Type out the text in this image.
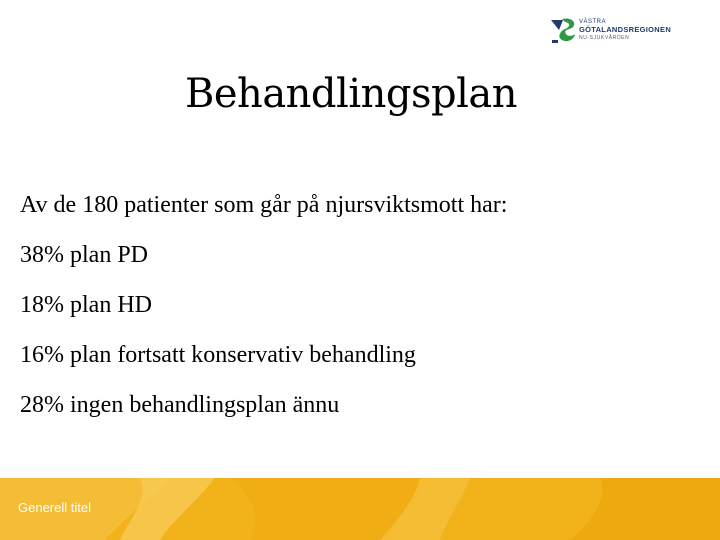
VÄSTRA
GÖTALANDSREGIONEN
NU-SJUKVÅRDEN
Behandlingsplan
Av de 180 patienter som går på njursviktsmott har:
38% plan PD
18% plan HD
16% plan fortsatt konservativ behandling
28% ingen behandlingsplan ännu
Generell titel
